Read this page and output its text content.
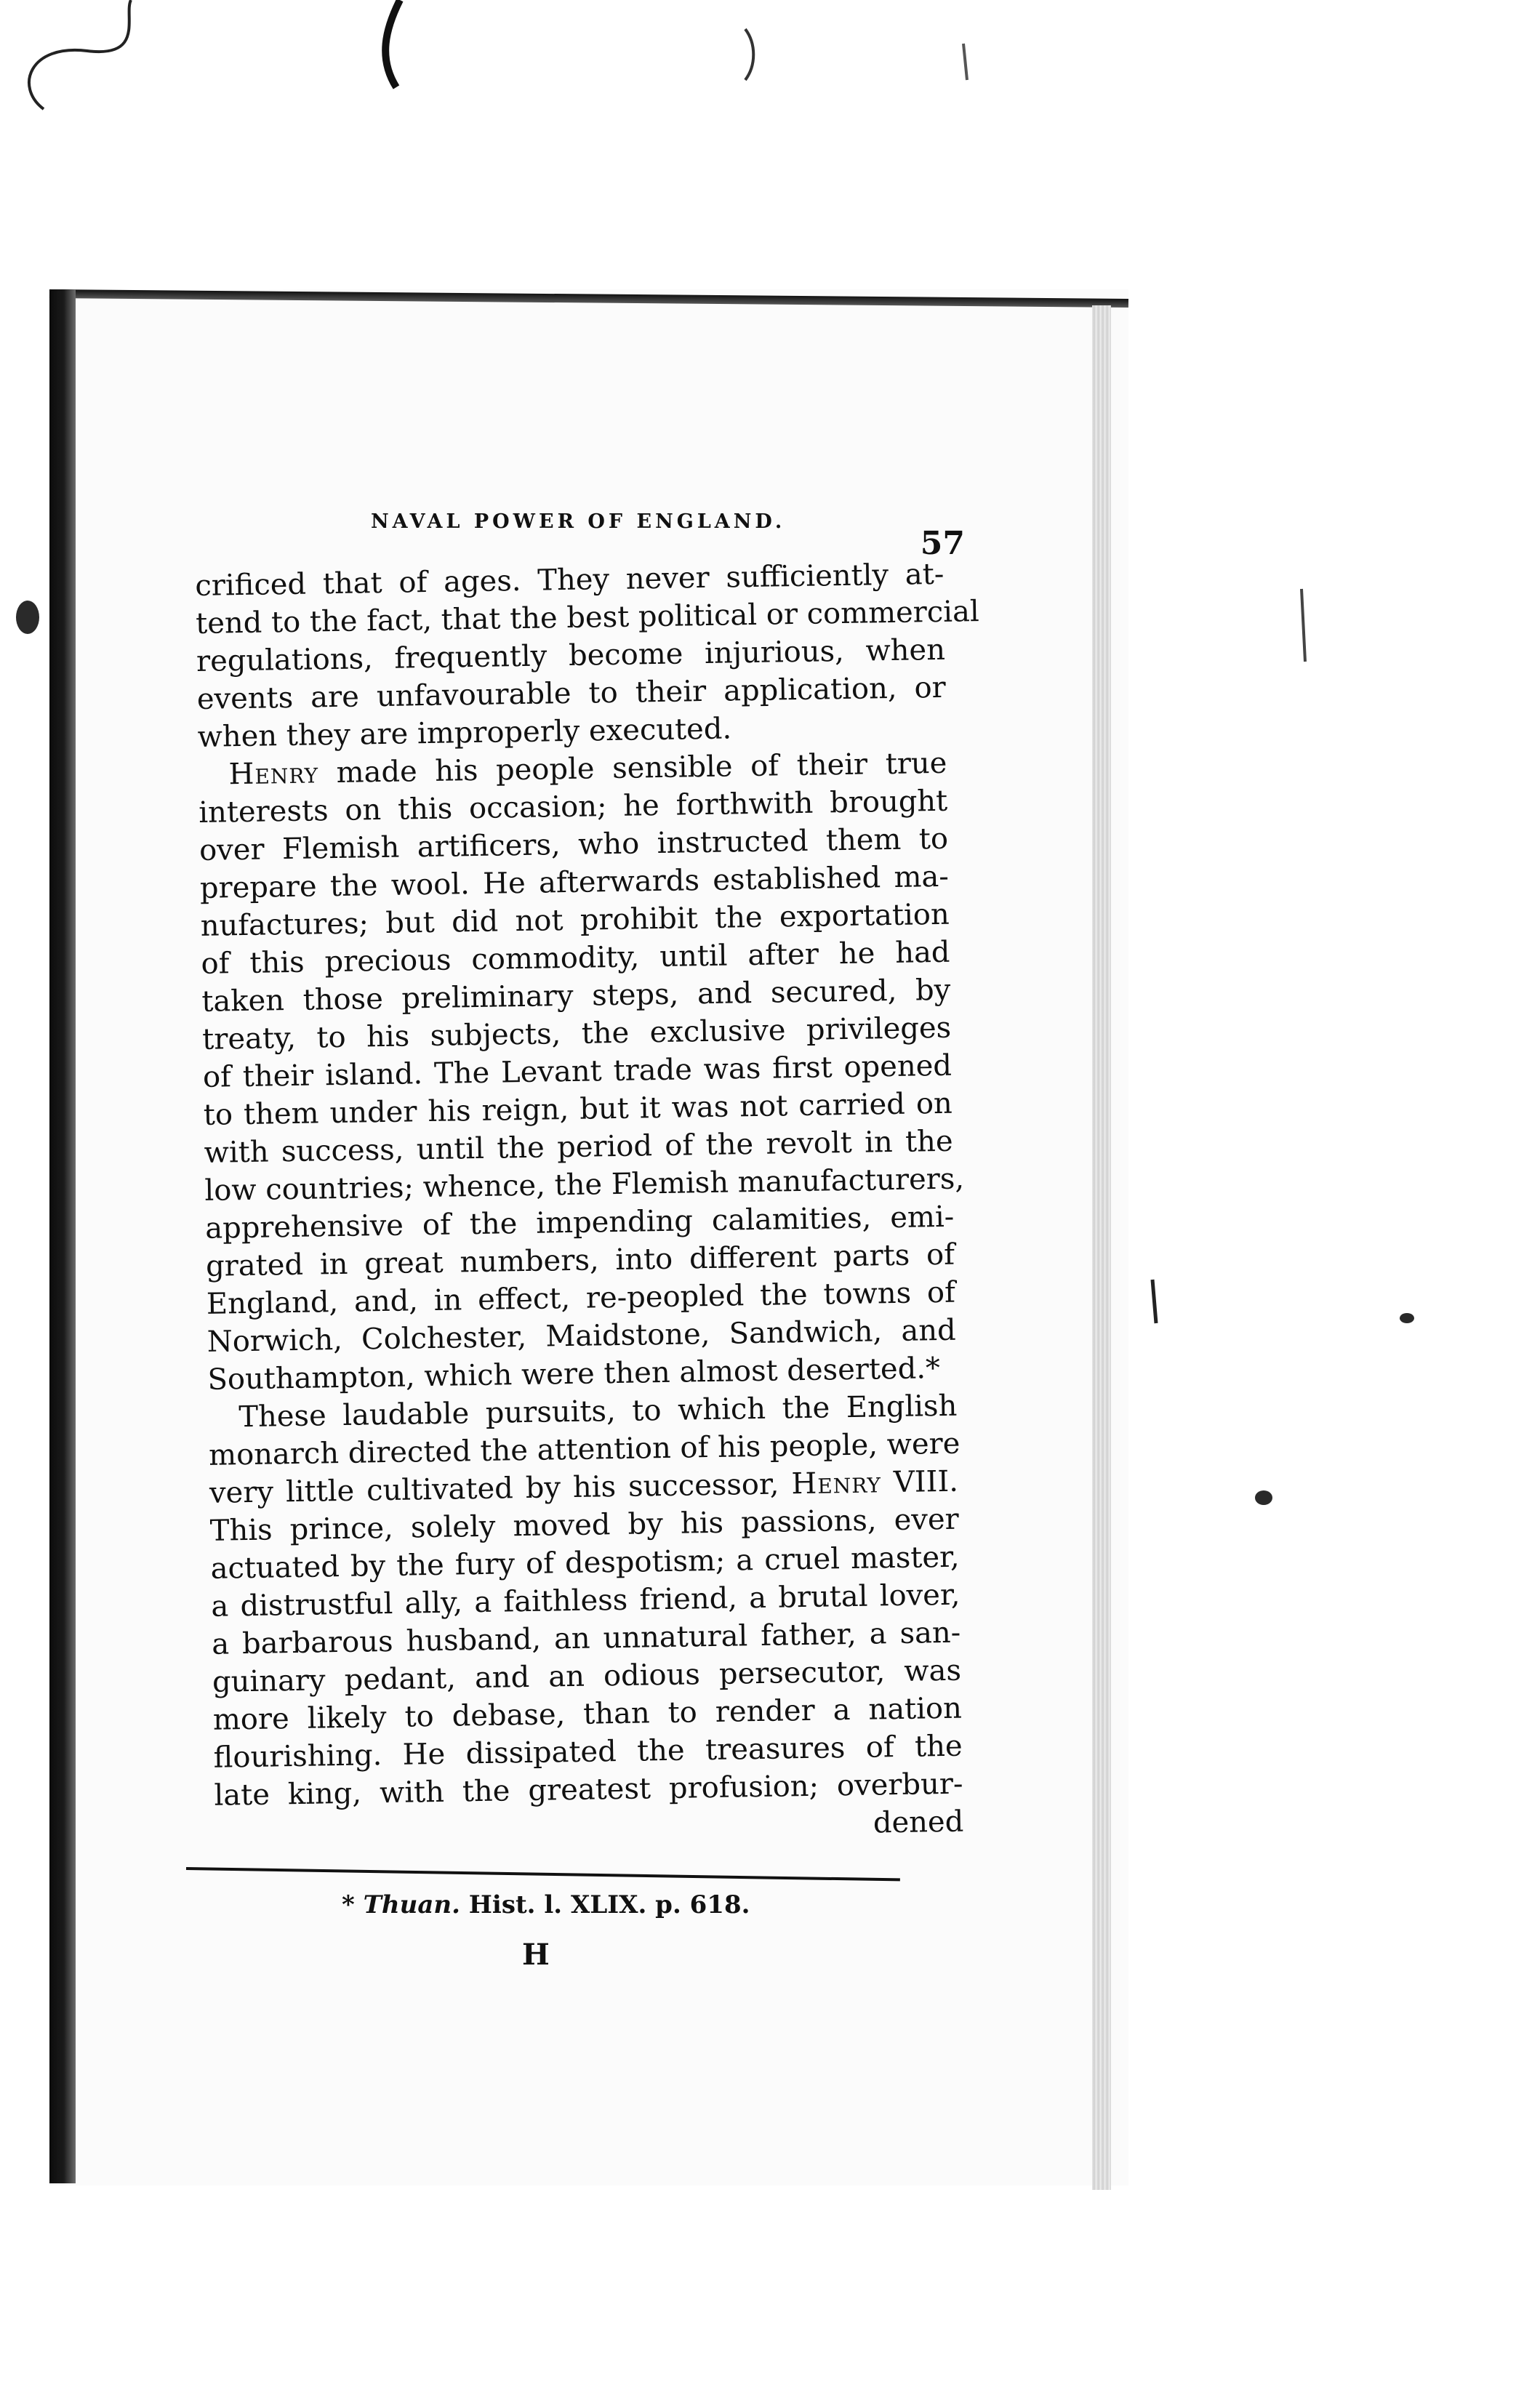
NAVAL POWER OF ENGLAND.
57
crificed that of ages. They never sufficiently at-
tend to the fact, that the best political or commercial
regulations, frequently become injurious, when
events are unfavourable to their application, or
when they are improperly executed.
Henry made his people sensible of their true
interests on this occasion; he forthwith brought
over Flemish artificers, who instructed them to
prepare the wool. He afterwards established ma-
nufactures; but did not prohibit the exportation
of this precious commodity, until after he had
taken those preliminary steps, and secured, by
treaty, to his subjects, the exclusive privileges
of their island. The Levant trade was first opened
to them under his reign, but it was not carried on
with success, until the period of the revolt in the
low countries; whence, the Flemish manufacturers,
apprehensive of the impending calamities, emi-
grated in great numbers, into different parts of
England, and, in effect, re-peopled the towns of
Norwich, Colchester, Maidstone, Sandwich, and
Southampton, which were then almost deserted.*
These laudable pursuits, to which the English
monarch directed the attention of his people, were
very little cultivated by his successor, Henry VIII.
This prince, solely moved by his passions, ever
actuated by the fury of despotism; a cruel master,
a distrustful ally, a faithless friend, a brutal lover,
a barbarous husband, an unnatural father, a san-
guinary pedant, and an odious persecutor, was
more likely to debase, than to render a nation
flourishing. He dissipated the treasures of the
late king, with the greatest profusion; overbur-
dened
* Thuan. Hist. l. XLIX. p. 618.
H
